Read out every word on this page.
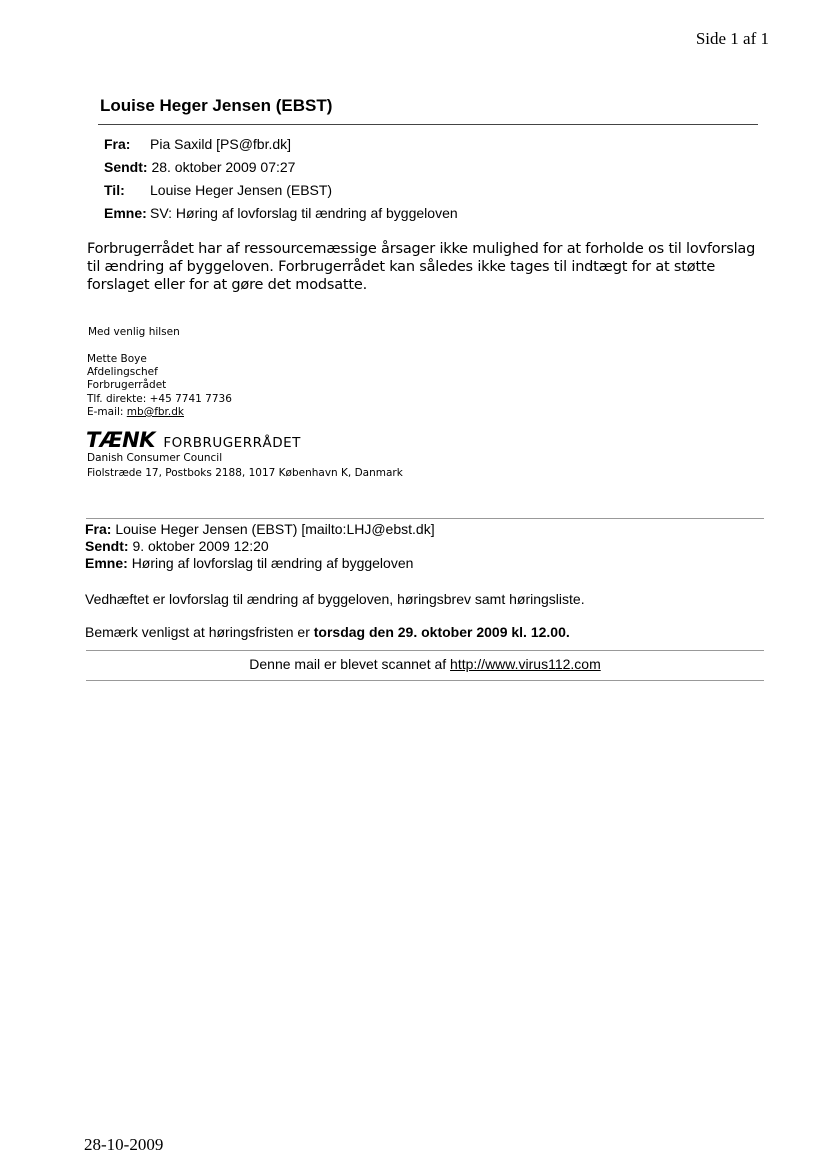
Side 1 af 1
Louise Heger Jensen (EBST)
Fra: Pia Saxild [PS@fbr.dk]
Sendt: 28. oktober 2009 07:27
Til: Louise Heger Jensen (EBST)
Emne: SV: Høring af lovforslag til ændring af byggeloven
Forbrugerrådet har af ressourcemæssige årsager ikke mulighed for at forholde os til lovforslag
til ændring af byggeloven. Forbrugerrådet kan således ikke tages til indtægt for at støtte
forslaget eller for at gøre det modsatte.
Med venlig hilsen
Mette Boye
Afdelingschef
Forbrugerrådet
Tlf. direkte: +45 7741 7736
E-mail: mb@fbr.dk
TÆNK FORBRUGERRÅDET
Danish Consumer Council
Fiolstræde 17, Postboks 2188, 1017 København K, Danmark
Fra: Louise Heger Jensen (EBST) [mailto:LHJ@ebst.dk]
Sendt: 9. oktober 2009 12:20
Emne: Høring af lovforslag til ændring af byggeloven
Vedhæftet er lovforslag til ændring af byggeloven, høringsbrev samt høringsliste.
Bemærk venligst at høringsfristen er torsdag den 29. oktober 2009 kl. 12.00.
Denne mail er blevet scannet af http://www.virus112.com
28-10-2009
